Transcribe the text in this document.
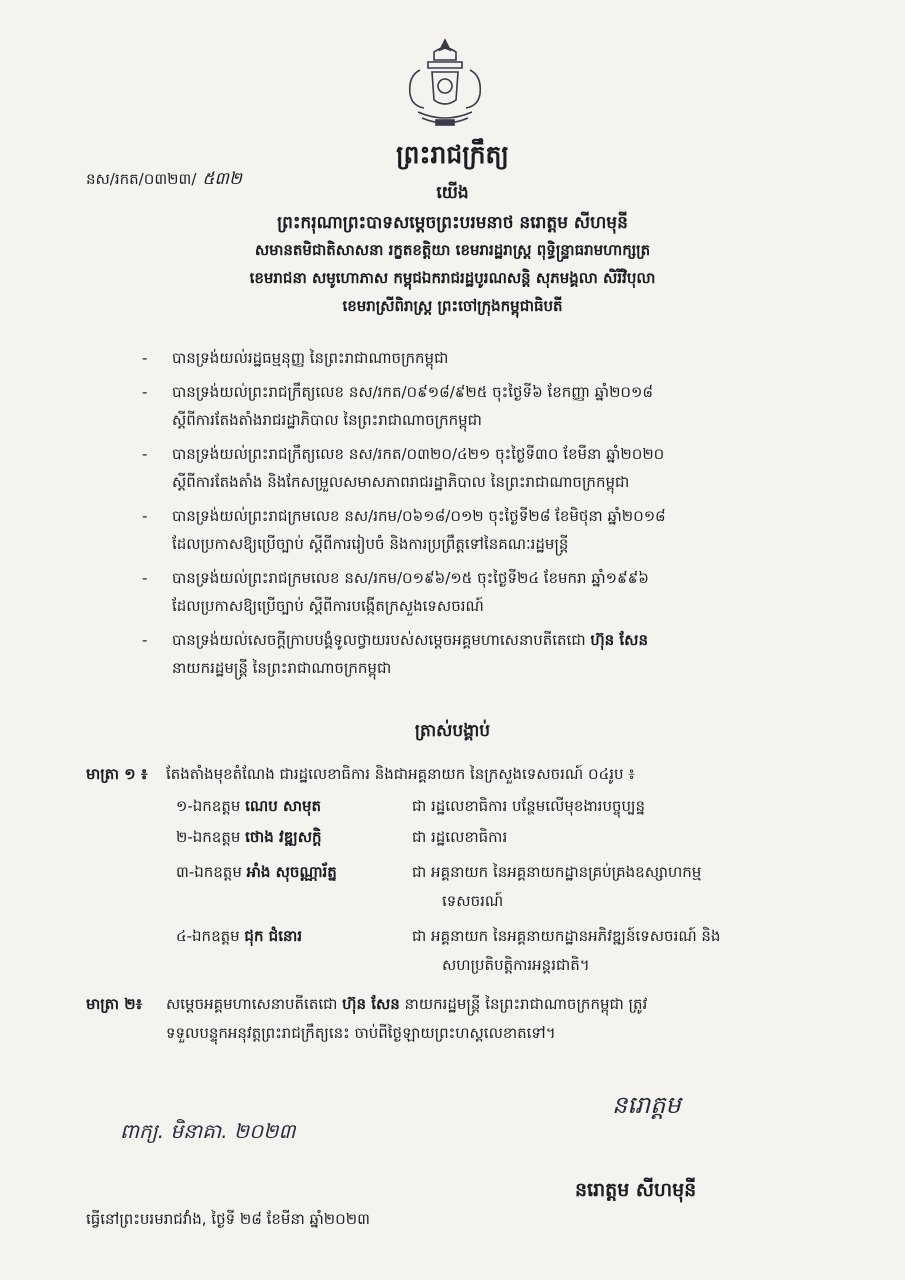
ព្រះរាជក្រឹត្យ
នស/រកត/០៣២៣/ ៥៣២
យើង
ព្រះករុណាព្រះបាទសម្តេចព្រះបរមនាថ នរោត្តម សីហមុនី
សមានតមិជាតិសាសនា រក្ខតខត្តិយា ខេមរារដ្ឋរាស្ត្រ ពុទ្ធិន្ទ្រាធរាមហាក្សត្រ
ខេមរាជនា សមូហោភាស កម្ពុជឯករាជរដ្ឋបូរណសន្តិ សុភមង្គលា សិរីវិបុលា
ខេមរាស្រីពិរាស្ត្រ ព្រះចៅក្រុងកម្ពុជាធិបតី
- បានទ្រង់យល់រដ្ឋធម្មនុញ្ញ នៃព្រះរាជាណាចក្រកម្ពុជា
- បានទ្រង់យល់ព្រះរាជក្រឹត្យលេខ នស/រកត/០៩១៨/៩២៥ ចុះថ្ងៃទី៦ ខែកញ្ញា ឆ្នាំ២០១៨
ស្តីពីការតែងតាំងរាជរដ្ឋាភិបាល នៃព្រះរាជាណាចក្រកម្ពុជា
- បានទ្រង់យល់ព្រះរាជក្រឹត្យលេខ នស/រកត/០៣២០/៤២១ ចុះថ្ងៃទី៣០ ខែមីនា ឆ្នាំ២០២០
ស្តីពីការតែងតាំង និងកែសម្រួលសមាសភាពរាជរដ្ឋាភិបាល នៃព្រះរាជាណាចក្រកម្ពុជា
- បានទ្រង់យល់ព្រះរាជក្រមលេខ នស/រកម/០៦១៨/០១២ ចុះថ្ងៃទី២៨ ខែមិថុនា ឆ្នាំ២០១៨
ដែលប្រកាសឱ្យប្រើច្បាប់ ស្តីពីការរៀបចំ និងការប្រព្រឹត្តទៅនៃគណៈរដ្ឋមន្ត្រី
- បានទ្រង់យល់ព្រះរាជក្រមលេខ នស/រកម/០១៩៦/១៥ ចុះថ្ងៃទី២៤ ខែមករា ឆ្នាំ១៩៩៦
ដែលប្រកាសឱ្យប្រើច្បាប់ ស្តីពីការបង្កើតក្រសួងទេសចរណ៍
- បានទ្រង់យល់សេចក្តីក្រាបបង្គំទូលថ្វាយរបស់សម្តេចអគ្គមហាសេនាបតីតេជោ ហ៊ុន សែន
នាយករដ្ឋមន្ត្រី នៃព្រះរាជាណាចក្រកម្ពុជា
ត្រាស់បង្គាប់
មាត្រា ១ ៖ តែងតាំងមុខតំណែង ជារដ្ឋលេខាធិការ និងជាអគ្គនាយក នៃក្រសួងទេសចរណ៍ ០៤រូប ៖
១-ឯកឧត្តម ណេប សាមុត	ជា រដ្ឋលេខាធិការ បន្ថែមលើមុខងារបច្ចុប្បន្ន
២-ឯកឧត្តម ថោង វឌ្ឍសក្តិ	ជា រដ្ឋលេខាធិការ
៣-ឯកឧត្តម អាំង សុចណ្ណារ័ត្ន	ជា អគ្គនាយក នៃអគ្គនាយកដ្ឋានគ្រប់គ្រងឧស្សាហកម្ម

ទេសចរណ៍
៤-ឯកឧត្តម ជុក ជំនោរ	ជា អគ្គនាយក នៃអគ្គនាយកដ្ឋានអភិវឌ្ឍន៍ទេសចរណ៍ និង

សហប្រតិបត្តិការអន្តរជាតិ។
មាត្រា ២៖ សម្តេចអគ្គមហាសេនាបតីតេជោ ហ៊ុន សែន នាយករដ្ឋមន្ត្រី នៃព្រះរាជាណាចក្រកម្ពុជា ត្រូវ
ទទួលបន្ទុកអនុវត្តព្រះរាជក្រឹត្យនេះ ចាប់ពីថ្ងៃឡាយព្រះហស្តលេខាតទៅ។
ពាក្យ. មិនាគា. ២០២៣
នរោត្តម
នរោត្តម សីហមុនី
ធ្វើនៅព្រះបរមរាជវាំង, ថ្ងៃទី ២៨ ខែមីនា ឆ្នាំ២០២៣
